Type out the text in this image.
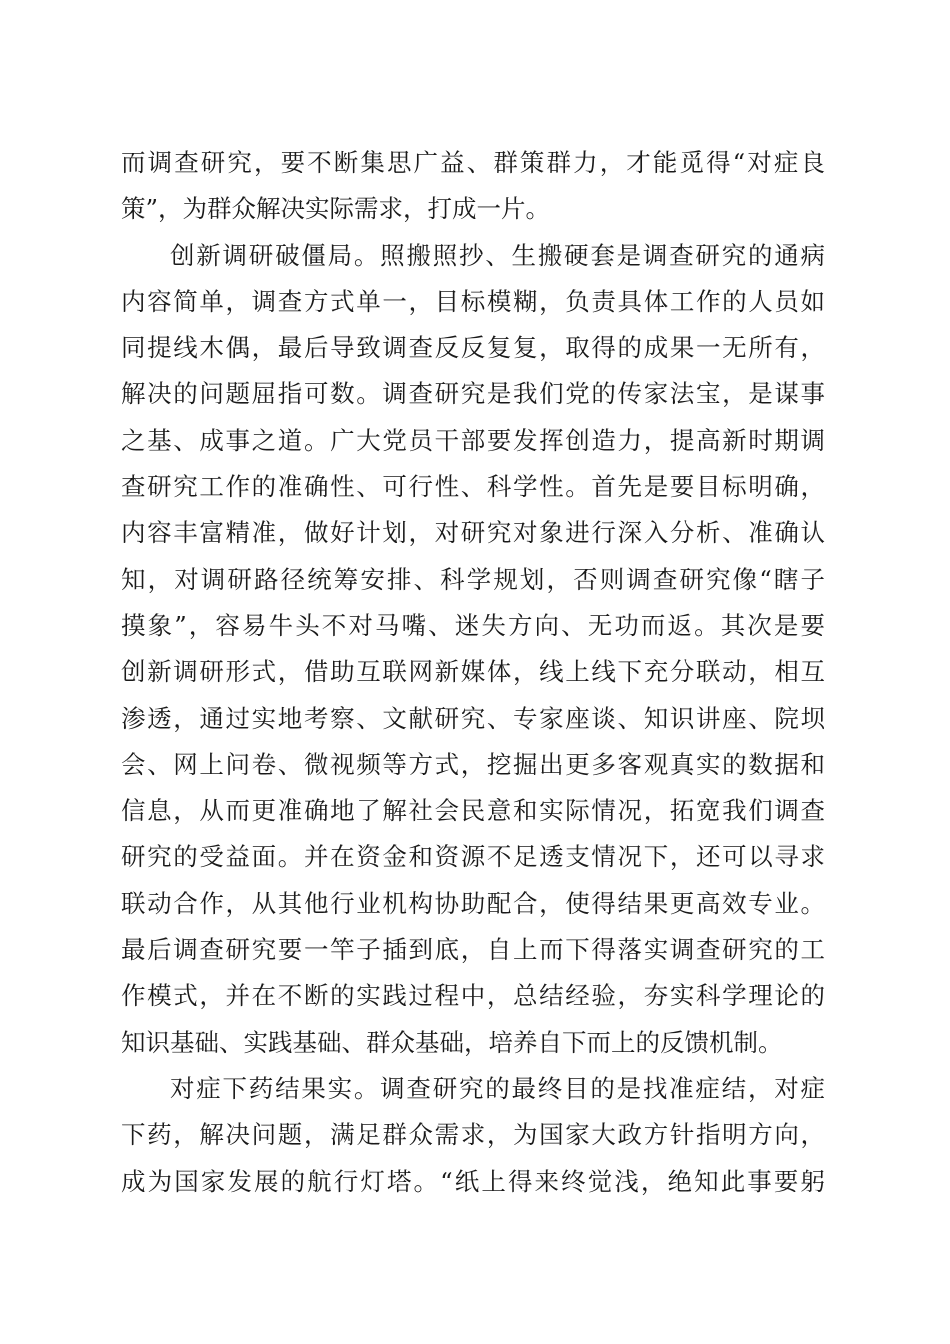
而调查研究，要不断集思广益、群策群力，才能觅得“对症良
策”，为群众解决实际需求，打成一片。
创新调研破僵局。照搬照抄、生搬硬套是调查研究的通病
内容简单，调查方式单一，目标模糊，负责具体工作的人员如
同提线木偶，最后导致调查反反复复，取得的成果一无所有，
解决的问题屈指可数。调查研究是我们党的传家法宝，是谋事
之基、成事之道。广大党员干部要发挥创造力，提高新时期调
查研究工作的准确性、可行性、科学性。首先是要目标明确，
内容丰富精准，做好计划，对研究对象进行深入分析、准确认
知，对调研路径统筹安排、科学规划，否则调查研究像“瞎子
摸象”，容易牛头不对马嘴、迷失方向、无功而返。其次是要
创新调研形式，借助互联网新媒体，线上线下充分联动，相互
渗透，通过实地考察、文献研究、专家座谈、知识讲座、院坝
会、网上问卷、微视频等方式，挖掘出更多客观真实的数据和
信息，从而更准确地了解社会民意和实际情况，拓宽我们调查
研究的受益面。并在资金和资源不足透支情况下，还可以寻求
联动合作，从其他行业机构协助配合，使得结果更高效专业。
最后调查研究要一竿子插到底，自上而下得落实调查研究的工
作模式，并在不断的实践过程中，总结经验，夯实科学理论的
知识基础、实践基础、群众基础，培养自下而上的反馈机制。
对症下药结果实。调查研究的最终目的是找准症结，对症
下药，解决问题，满足群众需求，为国家大政方针指明方向，
成为国家发展的航行灯塔。“纸上得来终觉浅，绝知此事要躬
